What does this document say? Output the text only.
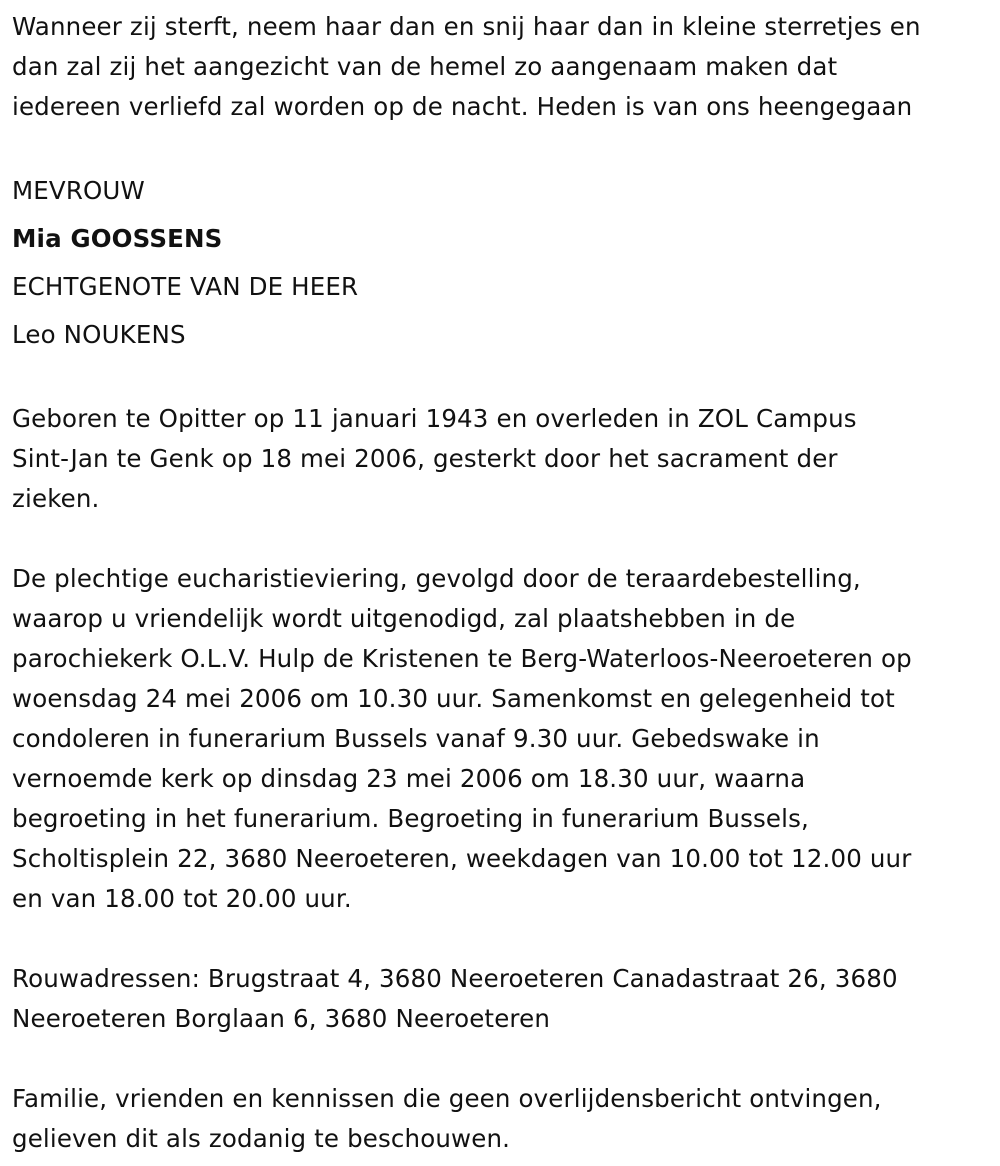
Wanneer zij sterft, neem haar dan en snij haar dan in kleine sterretjes en
dan zal zij het aangezicht van de hemel zo aangenaam maken dat
iedereen verliefd zal worden op de nacht. Heden is van ons heengegaan
MEVROUW
Mia GOOSSENS
ECHTGENOTE VAN DE HEER
Leo NOUKENS
Geboren te Opitter op 11 januari 1943 en overleden in ZOL Campus
Sint-Jan te Genk op 18 mei 2006, gesterkt door het sacrament der
zieken.
De plechtige eucharistieviering, gevolgd door de teraardebestelling,
waarop u vriendelijk wordt uitgenodigd, zal plaatshebben in de
parochiekerk O.L.V. Hulp de Kristenen te Berg-Waterloos-Neeroeteren op
woensdag 24 mei 2006 om 10.30 uur. Samenkomst en gelegenheid tot
condoleren in funerarium Bussels vanaf 9.30 uur. Gebedswake in
vernoemde kerk op dinsdag 23 mei 2006 om 18.30 uur, waarna
begroeting in het funerarium. Begroeting in funerarium Bussels,
Scholtisplein 22, 3680 Neeroeteren, weekdagen van 10.00 tot 12.00 uur
en van 18.00 tot 20.00 uur.
Rouwadressen: Brugstraat 4, 3680 Neeroeteren Canadastraat 26, 3680
Neeroeteren Borglaan 6, 3680 Neeroeteren
Familie, vrienden en kennissen die geen overlijdensbericht ontvingen,
gelieven dit als zodanig te beschouwen.
